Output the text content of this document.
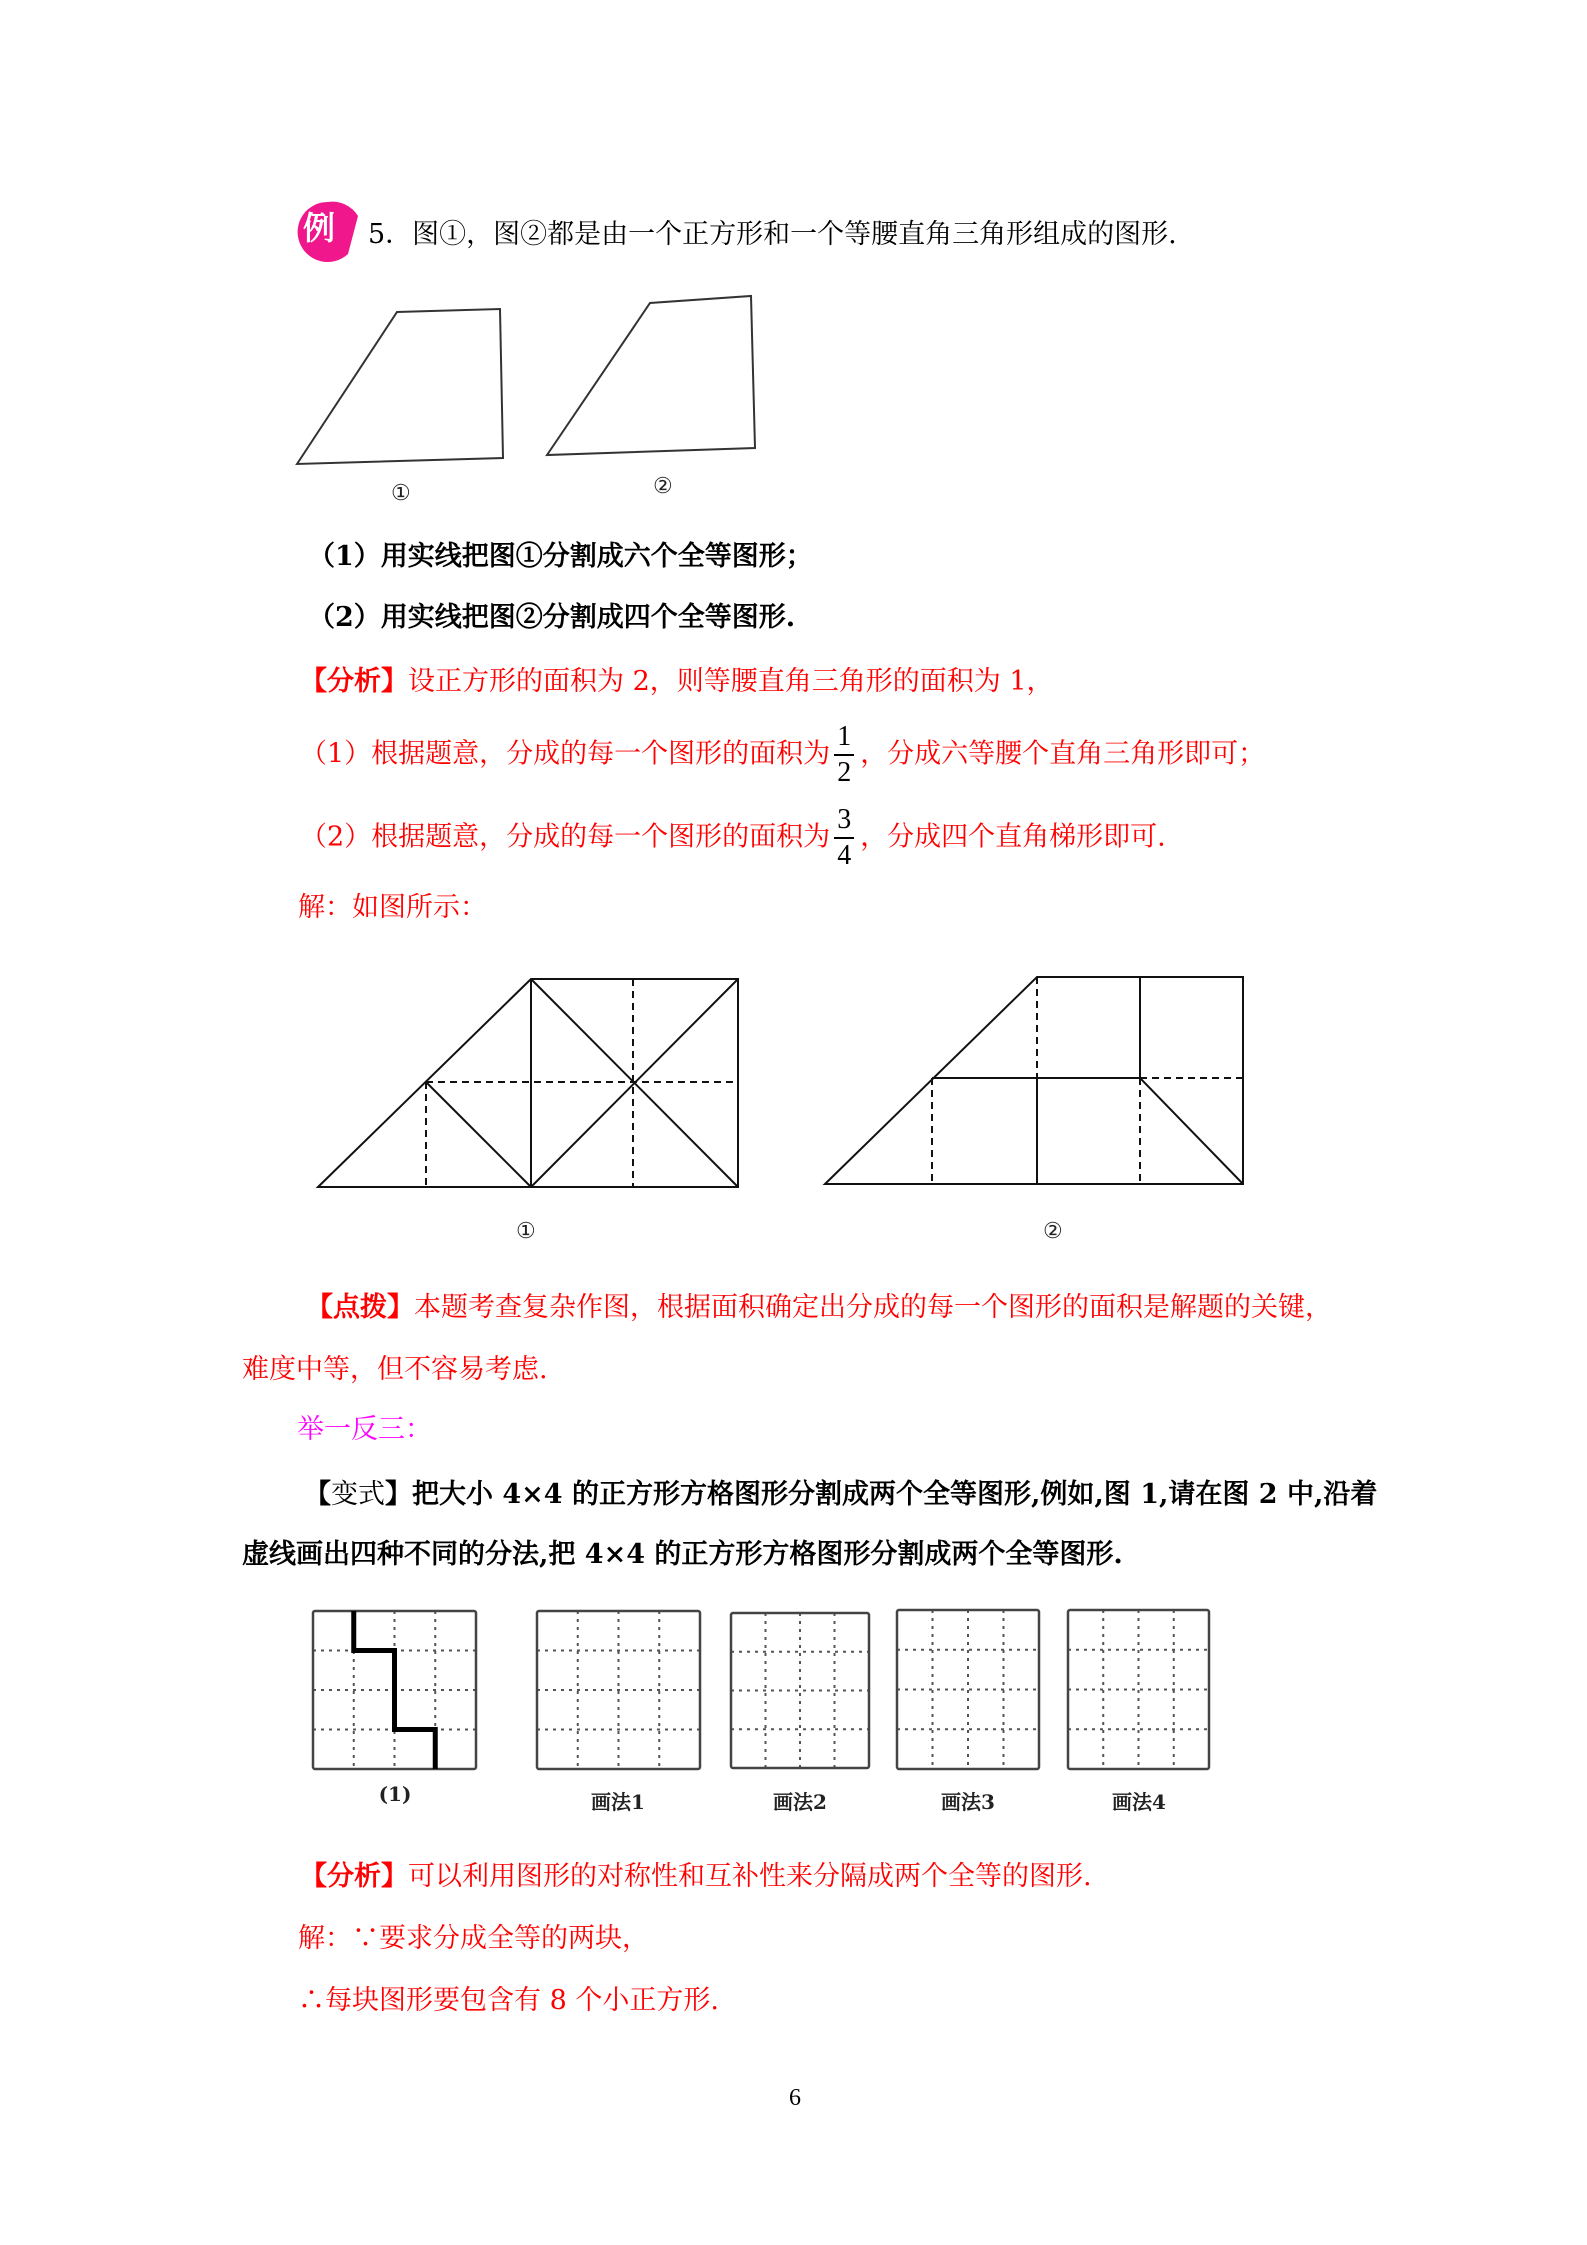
例 5．图①，图②都是由一个正方形和一个等腰直角三角形组成的图形.
①	②
（1）用实线把图①分割成六个全等图形；
（2）用实线把图②分割成四个全等图形.
【分析】设正方形的面积为 2，则等腰直角三角形的面积为 1，
（1）根据题意，分成的每一个图形的面积为 $\frac{1}{2}$ ，分成六等腰个直角三角形即可；
（2）根据题意，分成的每一个图形的面积为 $\frac{3}{4}$ ，分成四个直角梯形即可.
解：如图所示：
①	②
【点拨】本题考查复杂作图，根据面积确定出分成的每一个图形的面积是解题的关键，
难度中等，但不容易考虑.
举一反三：
【变式】把大小 4×4 的正方形方格图形分割成两个全等图形,例如,图 1,请在图 2 中,沿着
虚线画出四种不同的分法,把 4×4 的正方形方格图形分割成两个全等图形.
(1)	画法1	画法2	画法3	画法4
【分析】可以利用图形的对称性和互补性来分隔成两个全等的图形.
解：∵要求分成全等的两块，
∴每块图形要包含有 8 个小正方形.
6
